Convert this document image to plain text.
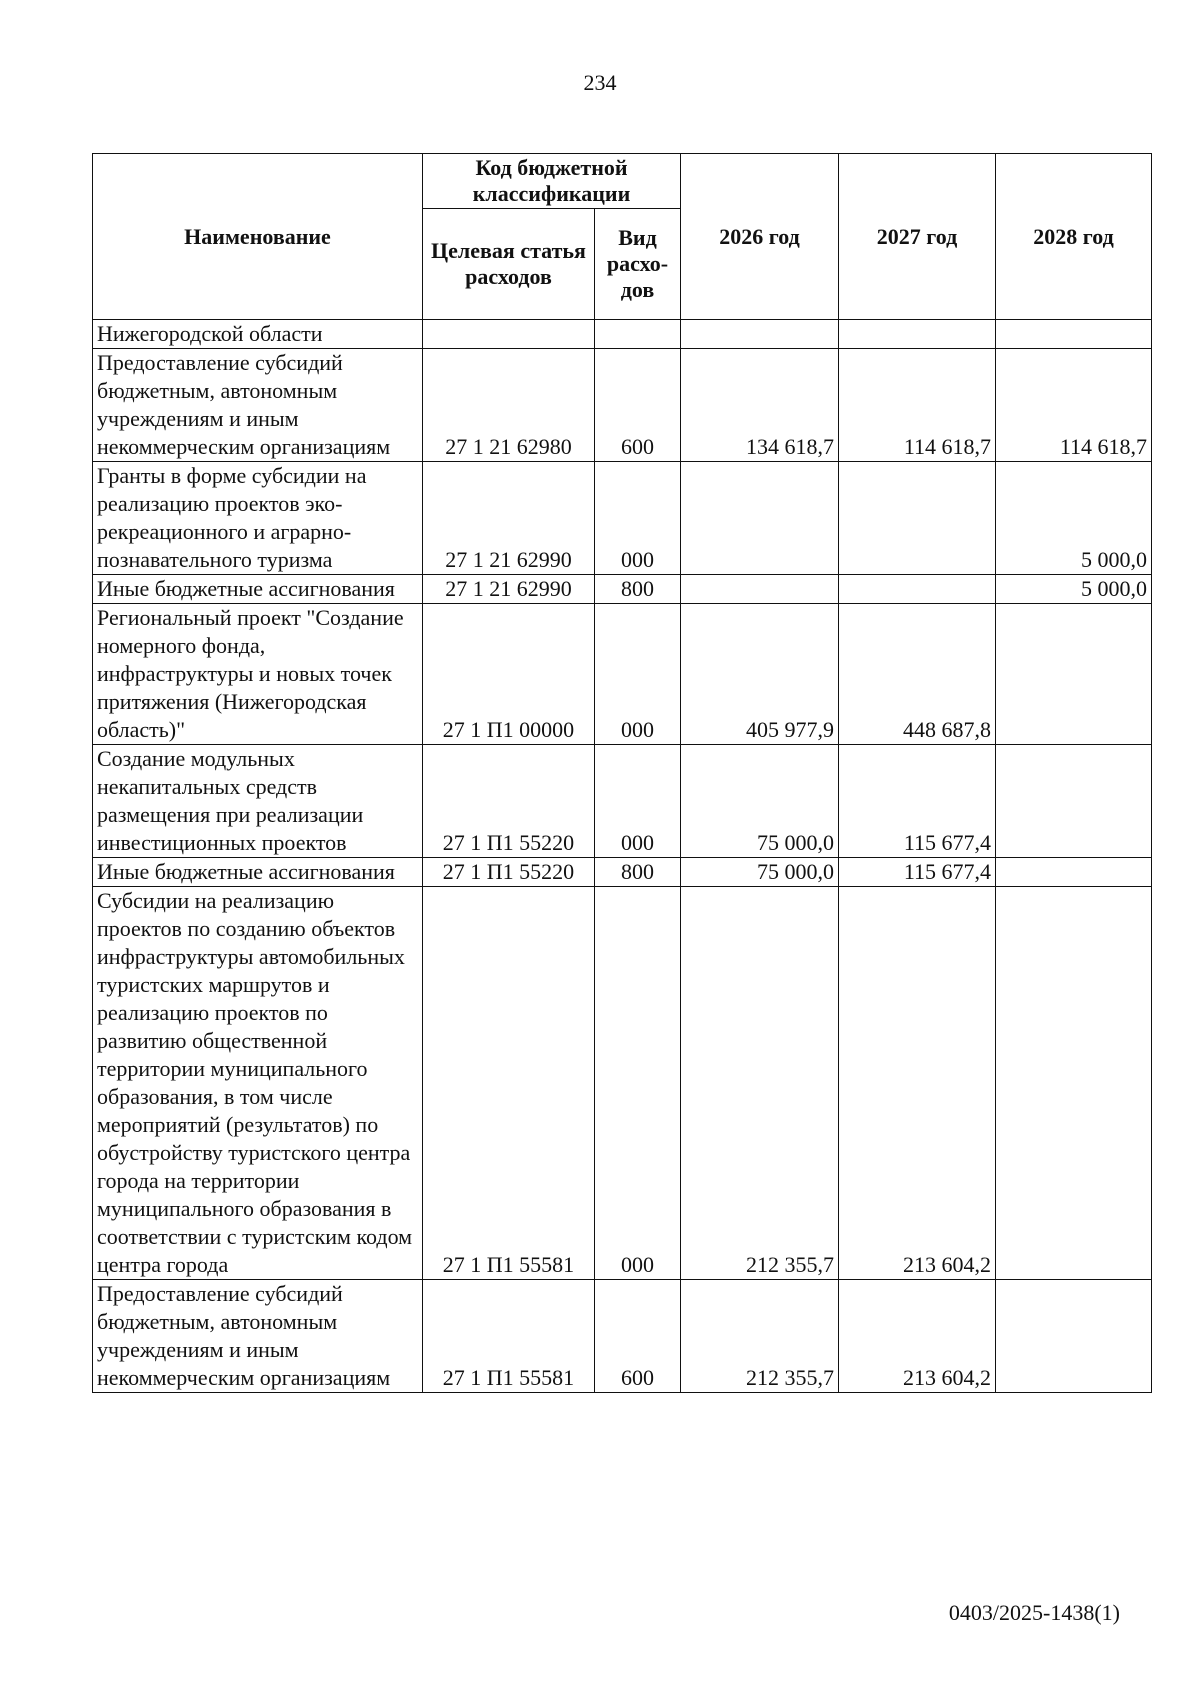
234
Наименование	Код бюджетной классификации		2026 год	2027 год	2028 год
	Целевая статья расходов	Вид расхо-дов			
Нижегородской области					
Предоставление субсидий бюджетным, автономным учреждениям и иным некоммерческим организациям	27 1 21 62980	600	134 618,7	114 618,7	114 618,7
Гранты в форме субсидии на реализацию проектов эко-рекреационного и аграрно-познавательного туризма	27 1 21 62990	000			5 000,0
Иные бюджетные ассигнования	27 1 21 62990	800			5 000,0
Региональный проект "Создание номерного фонда, инфраструктуры и новых точек притяжения (Нижегородская область)"	27 1 П1 00000	000	405 977,9	448 687,8	
Создание модульных некапитальных средств размещения при реализации инвестиционных проектов	27 1 П1 55220	000	75 000,0	115 677,4	
Иные бюджетные ассигнования	27 1 П1 55220	800	75 000,0	115 677,4	
Субсидии на реализацию проектов по созданию объектов инфраструктуры автомобильных туристских маршрутов и реализацию проектов по развитию общественной территории муниципального образования, в том числе мероприятий (результатов) по обустройству туристского центра города на территории муниципального образования в соответствии с туристским кодом центра города	27 1 П1 55581	000	212 355,7	213 604,2	
Предоставление субсидий бюджетным, автономным учреждениям и иным некоммерческим организациям	27 1 П1 55581	600	212 355,7	213 604,2	
0403/2025-1438(1)
